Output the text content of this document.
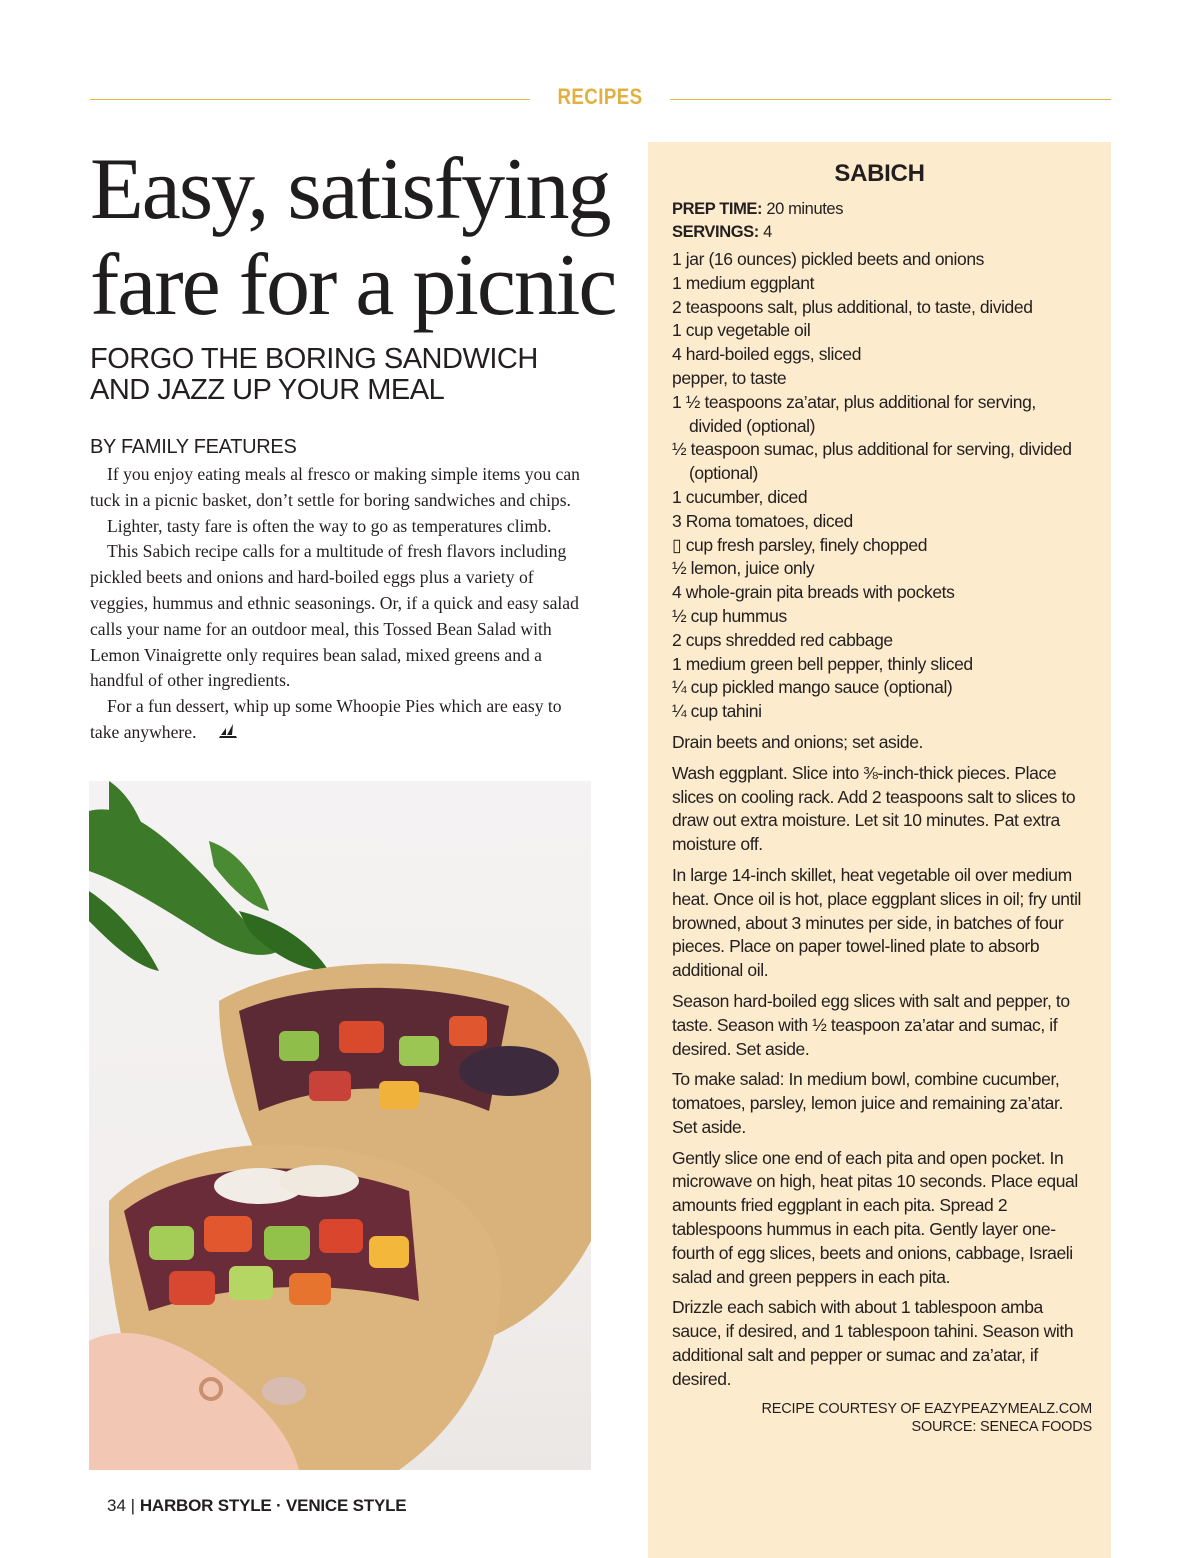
RECIPES
Easy, satisfying
fare for a picnic
FORGO THE BORING SANDWICH
AND JAZZ UP YOUR MEAL

BY FAMILY FEATURES

If you enjoy eating meals al fresco or making simple items you can tuck in a picnic basket, don’t settle for boring sandwiches and chips.

Lighter, tasty fare is often the way to go as temperatures climb.

This Sabich recipe calls for a multitude of fresh flavors including pickled beets and onions and hard-boiled eggs plus a variety of veggies, hummus and ethnic seasonings. Or, if a quick and easy salad calls your name for an outdoor meal, this Tossed Bean Salad with Lemon Vinaigrette only requires bean salad, mixed greens and a handful of other ingredients.

For a fun dessert, whip up some Whoopie Pies which are easy to take anywhere.

34 | HARBOR STYLE · VENICE STYLE
SABICH

PREP TIME: 20 minutes

SERVINGS: 4

1 jar (16 ounces) pickled beets and onions
1 medium eggplant
2 teaspoons salt, plus additional, to taste, divided
1 cup vegetable oil
4 hard-boiled eggs, sliced
pepper, to taste
1 ½ teaspoons za’atar, plus additional for serving, divided (optional)
½ teaspoon sumac, plus additional for serving, divided (optional)
1 cucumber, diced
3 Roma tomatoes, diced
▯ cup fresh parsley, finely chopped
½ lemon, juice only
4 whole-grain pita breads with pockets
½ cup hummus
2 cups shredded red cabbage
1 medium green bell pepper, thinly sliced
¼ cup pickled mango sauce (optional)
¼ cup tahini

Drain beets and onions; set aside.

Wash eggplant. Slice into ⅜-inch-thick pieces. Place slices on cooling rack. Add 2 teaspoons salt to slices to draw out extra moisture. Let sit 10 minutes. Pat extra moisture off.

In large 14-inch skillet, heat vegetable oil over medium heat. Once oil is hot, place eggplant slices in oil; fry until browned, about 3 minutes per side, in batches of four pieces. Place on paper towel-lined plate to absorb additional oil.

Season hard-boiled egg slices with salt and pepper, to taste. Season with ½ teaspoon za’atar and sumac, if desired. Set aside.

To make salad: In medium bowl, combine cucumber, tomatoes, parsley, lemon juice and remaining za’atar. Set aside.

Gently slice one end of each pita and open pocket. In microwave on high, heat pitas 10 seconds. Place equal amounts fried eggplant in each pita. Spread 2 tablespoons hummus in each pita. Gently layer one-fourth of egg slices, beets and onions, cabbage, Israeli salad and green peppers in each pita.

Drizzle each sabich with about 1 tablespoon amba sauce, if desired, and 1 tablespoon tahini. Season with additional salt and pepper or sumac and za’atar, if desired.

RECIPE COURTESY OF EAZYPEAZYMEALZ.COM
SOURCE: SENECA FOODS
